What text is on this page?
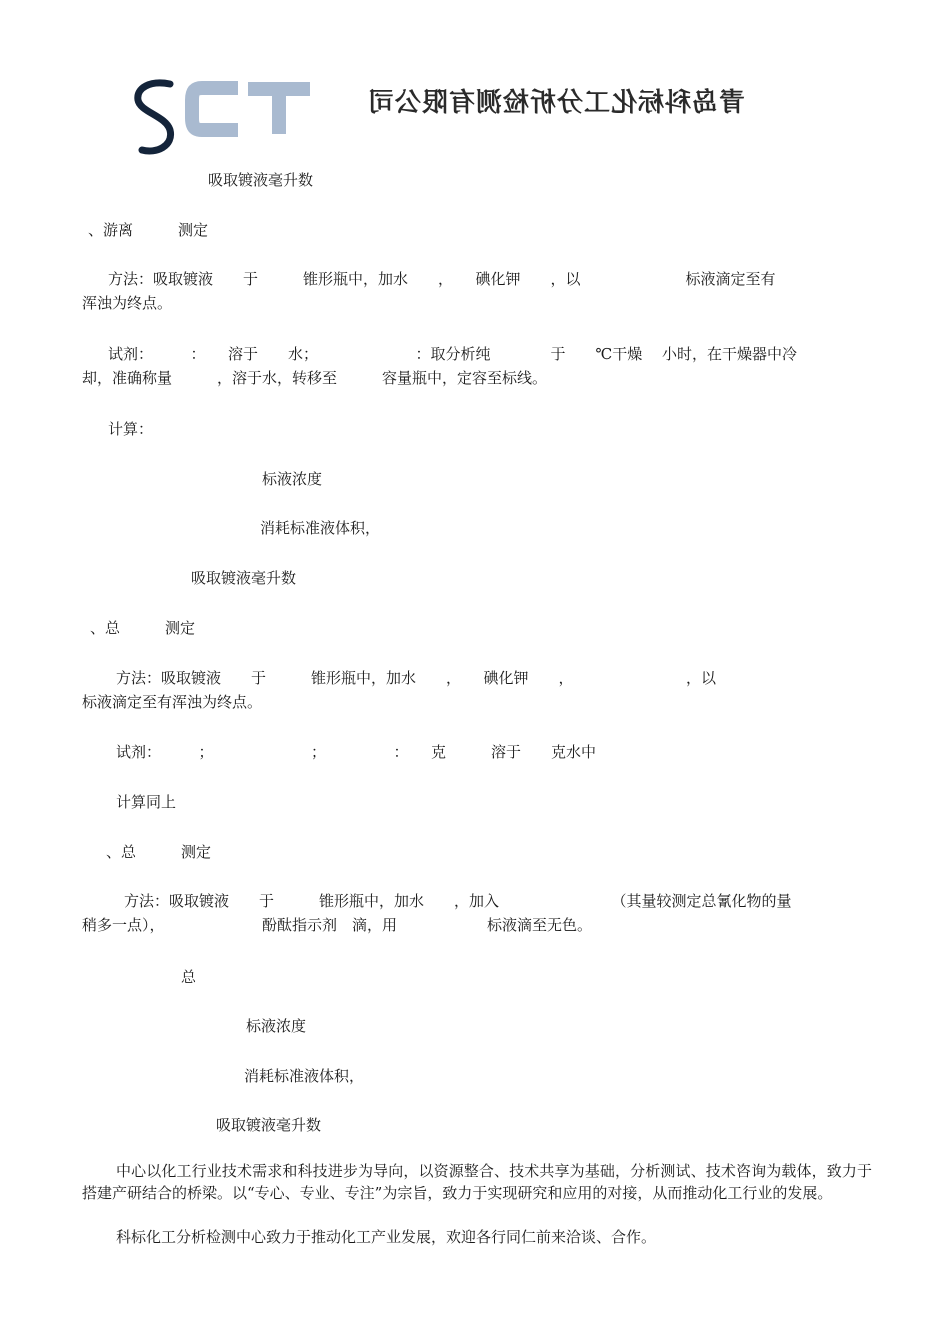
青岛科标化工分析检测有限公司
吸取镀液毫升数
、游离　　　测定
方法：吸取镀液　　于　　　锥形瓶中，加水　　，　　碘化钾　　，以　　　　　　　标液滴定至有
浑浊为终点。
试剂：　　　：　　溶于　　水；　　　　　　　：取分析纯　　　　于　　℃干燥　 小时，在干燥器中冷
却，准确称量　　　，溶于水，转移至　　　容量瓶中，定容至标线。
计算：
标液浓度
消耗标准液体积，
吸取镀液毫升数
、总　　　测定
方法：吸取镀液　　于　　　锥形瓶中，加水　　，　　碘化钾　　，　　　　　　　　，以
标液滴定至有浑浊为终点。
试剂：　　　；　　　　　　　；　　　　　：　　克　　　溶于　　克水中
计算同上
、总　　　测定
方法：吸取镀液　　于　　　锥形瓶中，加水　　，加入　　　　　　　　（其量较测定总氰化物的量
稍多一点），　　　　　　　酚酞指示剂　滴，用　　　　　　标液滴至无色。
总
标液浓度
消耗标准液体积，
吸取镀液毫升数
中心以化工行业技术需求和科技进步为导向，以资源整合、技术共享为基础，分析测试、技术咨询为载体，致力于搭建产研结合的桥梁。以“专心、专业、专注”为宗旨，致力于实现研究和应用的对接，从而推动化工行业的发展。
科标化工分析检测中心致力于推动化工产业发展，欢迎各行同仁前来洽谈、合作。
